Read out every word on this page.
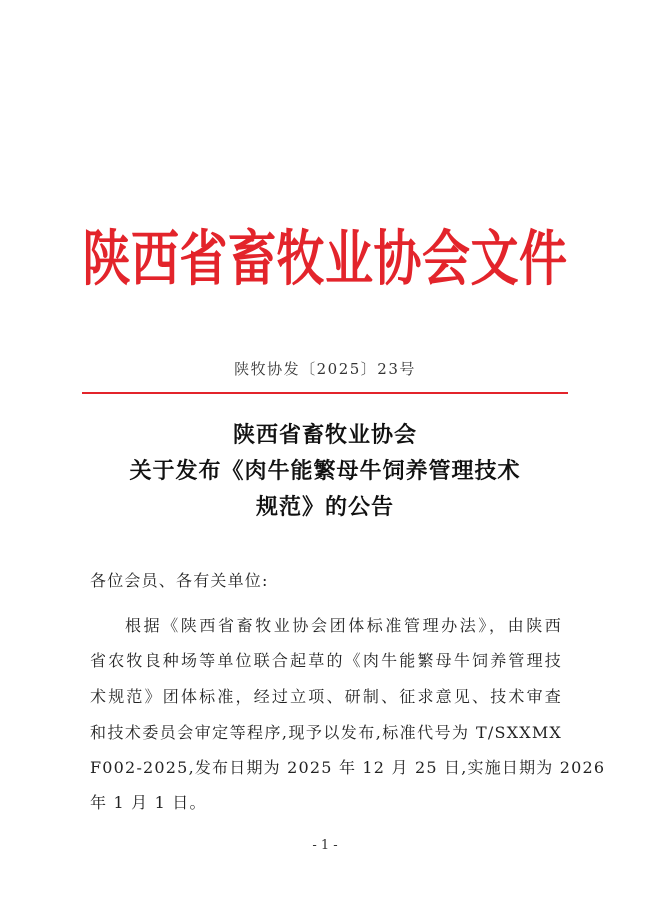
陕西省畜牧业协会文件
陕牧协发〔2025〕23号
陕西省畜牧业协会
关于发布《肉牛能繁母牛饲养管理技术
规范》的公告
各位会员、各有关单位:
根据《陕西省畜牧业协会团体标准管理办法》，由陕西
省农牧良种场等单位联合起草的《肉牛能繁母牛饲养管理技
术规范》团体标准，经过立项、研制、征求意见、技术审查
和技术委员会审定等程序,现予以发布,标准代号为 T/SXXMX
F002-2025,发布日期为 2025 年 12 月 25 日,实施日期为 2026
年 1 月 1 日。
- 1 -
